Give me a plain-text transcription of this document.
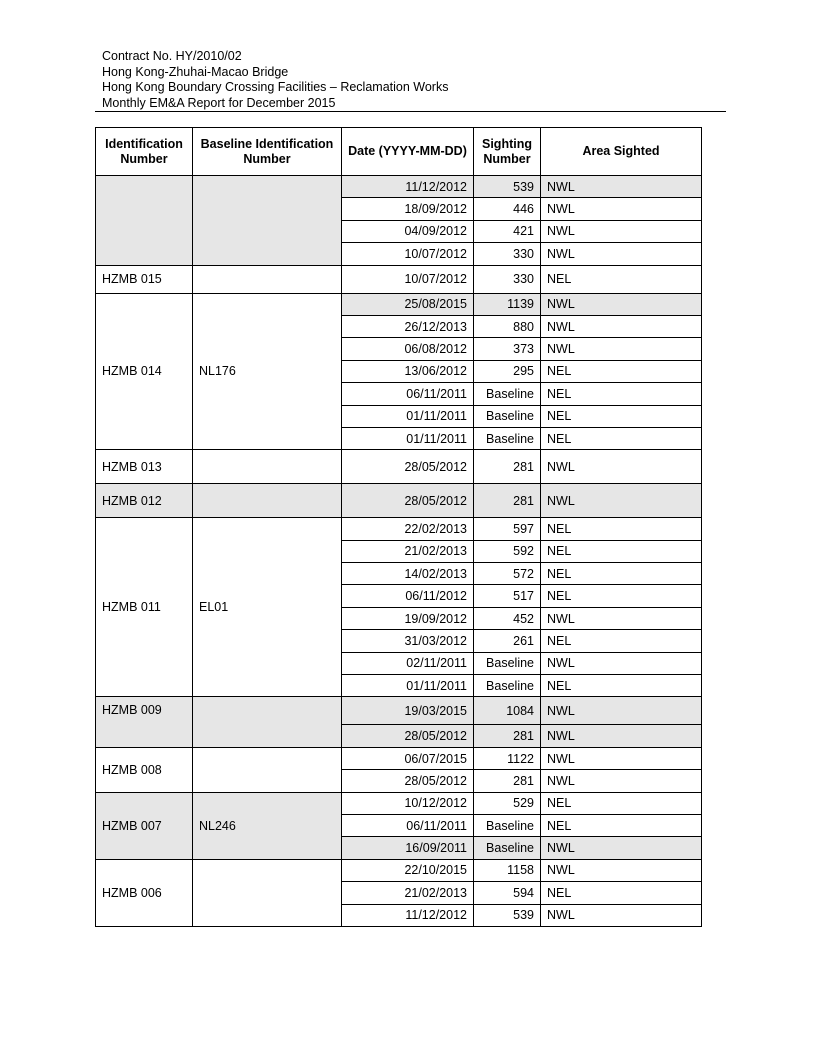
Contract No. HY/2010/02
Hong Kong-Zhuhai-Macao Bridge
Hong Kong Boundary Crossing Facilities – Reclamation Works
Monthly EM&A Report for December 2015
Identification Number	Baseline Identification Number	Date (YYYY-MM-DD)	Sighting Number	Area Sighted
		11/12/2012	539	NWL
		18/09/2012	446	NWL
		04/09/2012	421	NWL
		10/07/2012	330	NWL
HZMB 015		10/07/2012	330	NEL
HZMB 014	NL176	25/08/2015	1139	NWL
		26/12/2013	880	NWL
		06/08/2012	373	NWL
		13/06/2012	295	NEL
		06/11/2011	Baseline	NEL
		01/11/2011	Baseline	NEL
		01/11/2011	Baseline	NEL
HZMB 013		28/05/2012	281	NWL
HZMB 012		28/05/2012	281	NWL
HZMB 011	EL01	22/02/2013	597	NEL
		21/02/2013	592	NEL
		14/02/2013	572	NEL
		06/11/2012	517	NEL
		19/09/2012	452	NWL
		31/03/2012	261	NEL
		02/11/2011	Baseline	NWL
		01/11/2011	Baseline	NEL
HZMB 009		19/03/2015	1084	NWL
		28/05/2012	281	NWL
HZMB 008		06/07/2015	1122	NWL
		28/05/2012	281	NWL
HZMB 007	NL246	10/12/2012	529	NEL
		06/11/2011	Baseline	NEL
		16/09/2011	Baseline	NWL
HZMB 006		22/10/2015	1158	NWL
		21/02/2013	594	NEL
		11/12/2012	539	NWL
